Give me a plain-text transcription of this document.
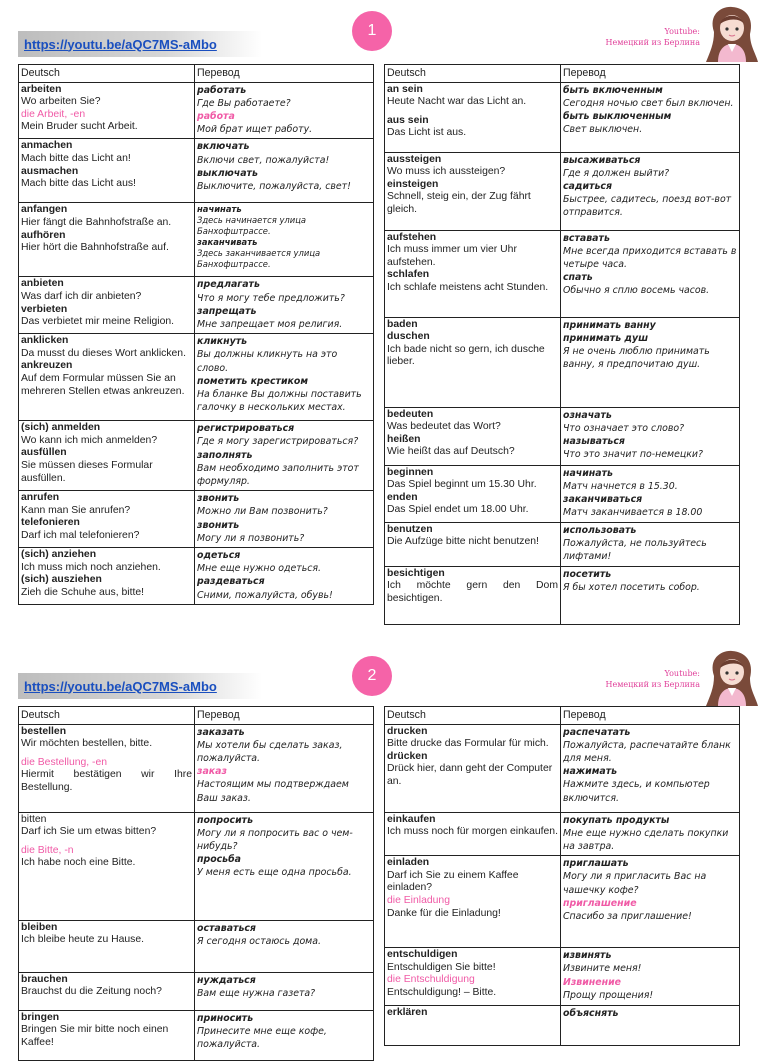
https://youtu.be/aQC7MS-aMbo
1	Youtube:
Немецкий из Берлина
Deutsch	Перевод

arbeiten
Wo arbeiten Sie?
die Arbeit, -en
Mein Bruder sucht Arbeit.	работать
Где Вы работаете?
работа
Мой брат ищет работу.

anmachen
Mach bitte das Licht an!
ausmachen
Mach bitte das Licht aus!	включать
Включи свет, пожалуйста!
выключать
Выключите, пожалуйста, свет!

anfangen
Hier fängt die Bahnhofstraße an.
aufhören
Hier hört die Bahnhofstraße auf.	начинать
Здесь начинается улица Банхофштрассе.
заканчивать
Здесь заканчивается улица Банхофштрассе.

anbieten
Was darf ich dir anbieten?
verbieten
Das verbietet mir meine Religion.	предлагать
Что я могу тебе предложить?
запрещать
Мне запрещает моя религия.

anklicken
Da musst du dieses Wort anklicken.
ankreuzen
Auf dem Formular müssen Sie an mehreren Stellen etwas ankreuzen.	кликнуть
Вы должны кликнуть на это слово.
пометить крестиком
На бланке Вы должны поставить галочку в нескольких местах.

(sich) anmelden
Wo kann ich mich anmelden?
ausfüllen
Sie müssen dieses Formular ausfüllen.	регистрироваться
Где я могу зарегистрироваться?
заполнять
Вам необходимо заполнить этот формуляр.

anrufen
Kann man Sie anrufen?
telefonieren
Darf ich mal telefonieren?	звонить
Можно ли Вам позвонить?
звонить
Могу ли я позвонить?

(sich) anziehen
Ich muss mich noch anziehen.
(sich) ausziehen
Zieh die Schuhe aus, bitte!	одеться
Мне еще нужно одеться.
раздеваться
Сними, пожалуйста, обувь!
Deutsch	Перевод

an sein
Heute Nacht war das Licht an.
aus sein
Das Licht ist aus.	быть включенным
Сегодня ночью свет был включен.
быть выключенным
Свет выключен.

aussteigen
Wo muss ich aussteigen?
einsteigen
Schnell, steig ein, der Zug fährt gleich.	высаживаться
Где я должен выйти?
садиться
Быстрее, садитесь, поезд вот-вот отправится.

aufstehen
Ich muss immer um vier Uhr aufstehen.
schlafen
Ich schlafe meistens acht Stunden.	вставать
Мне всегда приходится вставать в четыре часа.
спать
Обычно я сплю восемь часов.

baden
duschen
Ich bade nicht so gern, ich dusche lieber.	принимать ванну
принимать душ
Я не очень люблю принимать ванну, я предпочитаю душ.

bedeuten
Was bedeutet das Wort?
heißen
Wie heißt das auf Deutsch?	означать
Что означает это слово?
называться
Что это значит по-немецки?

beginnen
Das Spiel beginnt um 15.30 Uhr.
enden
Das Spiel endet um 18.00 Uhr.	начинать
Матч начнется в 15.30.
заканчиваться
Матч заканчивается в 18.00

benutzen
Die Aufzüge bitte nicht benutzen!	использовать
Пожалуйста, не пользуйтесь лифтами!

besichtigen
Ich möchte gern den Dom besichtigen.	посетить
Я бы хотел посетить собор.
https://youtu.be/aQC7MS-aMbo
2	Youtube:
Немецкий из Берлина
Deutsch	Перевод

bestellen
Wir möchten bestellen, bitte.
die Bestellung, -en
Hiermit bestätigen wir Ihre Bestellung.	заказать
Мы хотели бы сделать заказ, пожалуйста.
заказ
Настоящим мы подтверждаем Ваш заказ.

bitten
Darf ich Sie um etwas bitten?
die Bitte, -n
Ich habe noch eine Bitte.	попросить
Могу ли я попросить вас о чем-нибудь?
просьба
У меня есть еще одна просьба.

bleiben
Ich bleibe heute zu Hause.	оставаться
Я сегодня остаюсь дома.

brauchen
Brauchst du die Zeitung noch?	нуждаться
Вам еще нужна газета?

bringen
Bringen Sie mir bitte noch einen Kaffee!	приносить
Принесите мне еще кофе, пожалуйста.
Deutsch	Перевод

drucken
Bitte drucke das Formular für mich.
drücken
Drück hier, dann geht der Computer an.	распечатать
Пожалуйста, распечатайте бланк для меня.
нажимать
Нажмите здесь, и компьютер включится.

einkaufen
Ich muss noch für morgen einkaufen.	покупать продукты
Мне еще нужно сделать покупки на завтра.

einladen
Darf ich Sie zu einem Kaffee einladen?
die Einladung
Danke für die Einladung!	приглашать
Могу ли я пригласить Вас на чашечку кофе?
приглашение
Спасибо за приглашение!

entschuldigen
Entschuldigen Sie bitte!
die Entschuldigung
Entschuldigung! – Bitte.	извинять
Извините меня!
Извинение
Прощу прощения!

erklären	объяснять
